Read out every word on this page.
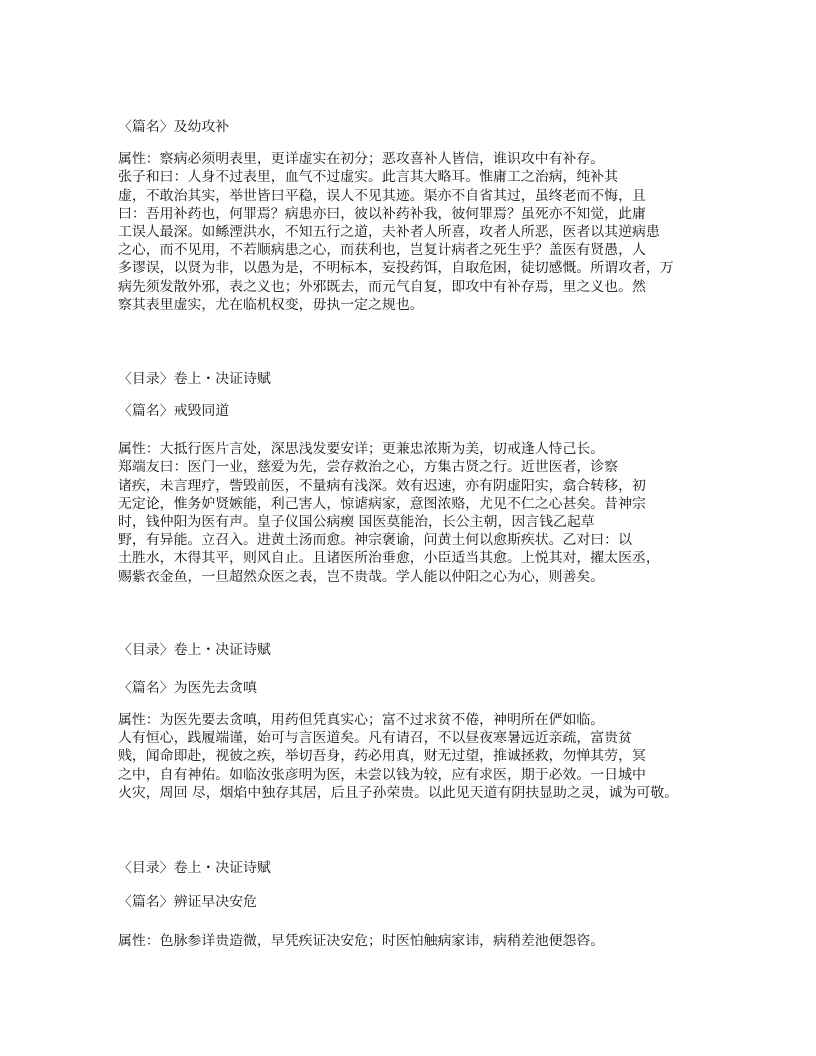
〈篇名〉及幼攻补
属性：察病必须明表里，更详虚实在初分；恶攻喜补人皆信，谁识攻中有补存。
张子和曰：人身不过表里，血气不过虚实。此言其大略耳。惟庸工之治病，纯补其
虚，不敢治其实，举世皆曰平稳，误人不见其迹。渠亦不自省其过，虽终老而不悔，且
曰：吾用补药也，何罪焉？病患亦曰，彼以补药补我，彼何罪焉？虽死亦不知觉，此庸
工误人最深。如鲧湮洪水，不知五行之道，夫补者人所喜，攻者人所恶，医者以其逆病患
之心，而不见用，不若顺病患之心，而获利也，岂复计病者之死生乎？盖医有贤愚，人
多谬误，以贤为非，以愚为是，不明标本，妄投药饵，自取危困，徒切感慨。所谓攻者，万
病先须发散外邪，表之义也；外邪既去，而元气自复，即攻中有补存焉，里之义也。然
察其表里虚实，尤在临机权变，毋执一定之规也。
〈目录〉卷上・决证诗赋
〈篇名〉戒毁同道
属性：大抵行医片言处，深思浅发要安详；更兼忠浓斯为美，切戒逢人恃己长。
郑端友曰：医门一业，慈爱为先，尝存救治之心，方集古贤之行。近世医者，诊察
诸疾，未言理疗，訾毁前医，不量病有浅深。效有迟速，亦有阴虚阳实，翕合转移，初
无定论，惟务妒贤嫉能，利己害人，惊谑病家，意图浓赂，尤见不仁之心甚矣。昔神宗
时，钱仲阳为医有声。皇子仪国公病瘈 国医莫能治，长公主朝，因言钱乙起草
野，有异能。立召入。进黄土汤而愈。神宗褒谕，问黄土何以愈斯疾状。乙对曰：以
土胜水，木得其平，则风自止。且诸医所治垂愈，小臣适当其愈。上悦其对，擢太医丞，
赐紫衣金鱼，一旦超然众医之表，岂不贵哉。学人能以仲阳之心为心，则善矣。
〈目录〉卷上・决证诗赋
〈篇名〉为医先去贪嗔
属性：为医先要去贪嗔，用药但凭真实心；富不过求贫不倦，神明所在俨如临。
人有恒心，践履端谨，始可与言医道矣。凡有请召，不以昼夜寒暑远近亲疏，富贵贫
贱，闻命即赴，视彼之疾，举切吾身，药必用真，财无过望，推诚拯救，勿惮其劳，冥
之中，自有神佑。如临汝张彦明为医，未尝以钱为较，应有求医，期于必效。一日城中
火灾，周回 尽，烟焰中独存其居，后且子孙荣贵。以此见天道有阴扶显助之灵，诚为可敬。
〈目录〉卷上・决证诗赋
〈篇名〉辨证早决安危
属性：色脉参详贵造微，早凭疾证决安危；时医怕触病家讳，病稍差池便怨咨。
